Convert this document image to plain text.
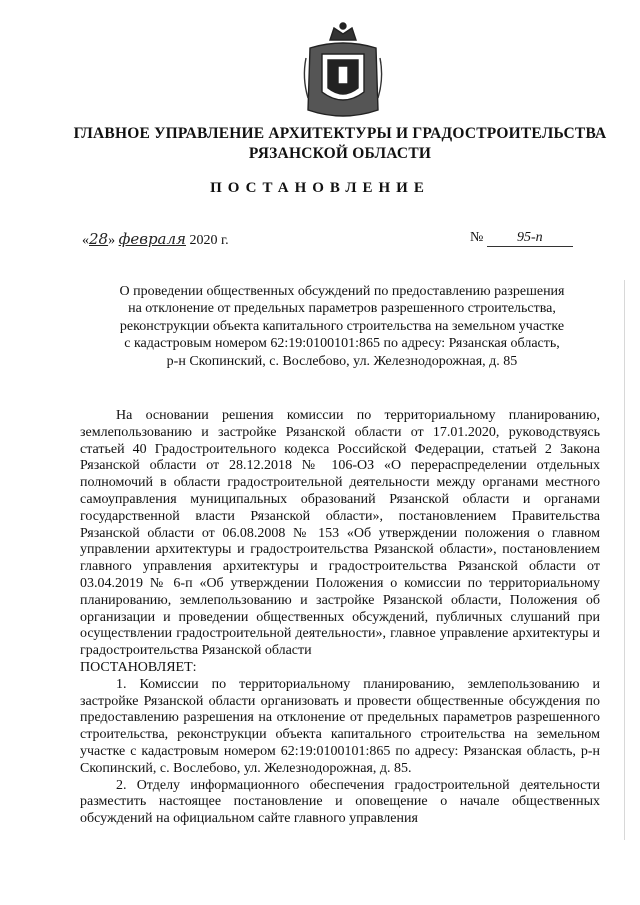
ГЛАВНОЕ УПРАВЛЕНИЕ АРХИТЕКТУРЫ И ГРАДОСТРОИТЕЛЬСТВА
РЯЗАНСКОЙ ОБЛАСТИ
ПОСТАНОВЛЕНИЕ
«28» февраля 2020 г.	№ 95-п
О проведении общественных обсуждений по предоставлению разрешения
на отклонение от предельных параметров разрешенного строительства,
реконструкции объекта капитального строительства на земельном участке
с кадастровым номером 62:19:0100101:865 по адресу: Рязанская область,
р-н Скопинский, с. Вослебово, ул. Железнодорожная, д. 85

На основании решения комиссии по территориальному планированию, землепользованию и застройке Рязанской области от 17.01.2020, руководствуясь статьей 40 Градостроительного кодекса Российской Федерации, статьей 2 Закона Рязанской области от 28.12.2018 № 106-ОЗ «О перераспределении отдельных полномочий в области градостроительной деятельности между органами местного самоуправления муниципальных образований Рязанской области и органами государственной власти Рязанской области», постановлением Правительства Рязанской области от 06.08.2008 № 153 «Об утверждении положения о главном управлении архитектуры и градостроительства Рязанской области», постановлением главного управления архитектуры и градостроительства Рязанской области от 03.04.2019 № 6-п «Об утверждении Положения о комиссии по территориальному планированию, землепользованию и застройке Рязанской области, Положения об организации и проведении общественных обсуждений, публичных слушаний при осуществлении градостроительной деятельности», главное управление архитектуры и градостроительства Рязанской области

ПОСТАНОВЛЯЕТ:

1. Комиссии по территориальному планированию, землепользованию и застройке Рязанской области организовать и провести общественные обсуждения по предоставлению разрешения на отклонение от предельных параметров разрешенного строительства, реконструкции объекта капитального строительства на земельном участке с кадастровым номером 62:19:0100101:865 по адресу: Рязанская область, р-н Скопинский, с. Вослебово, ул. Железнодорожная, д. 85.

2. Отделу информационного обеспечения градостроительной деятельности разместить настоящее постановление и оповещение о начале общественных обсуждений на официальном сайте главного управления
